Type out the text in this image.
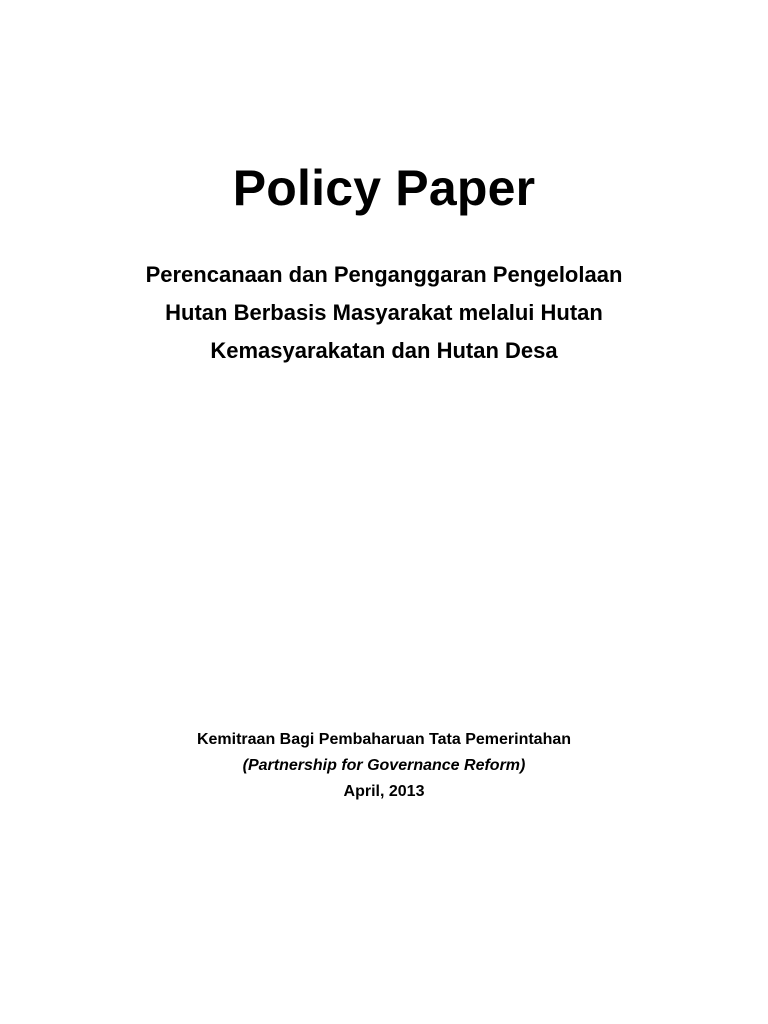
Policy Paper
Perencanaan dan Penganggaran Pengelolaan
Hutan Berbasis Masyarakat melalui Hutan
Kemasyarakatan dan Hutan Desa
Kemitraan Bagi Pembaharuan Tata Pemerintahan
(Partnership for Governance Reform)
April, 2013
